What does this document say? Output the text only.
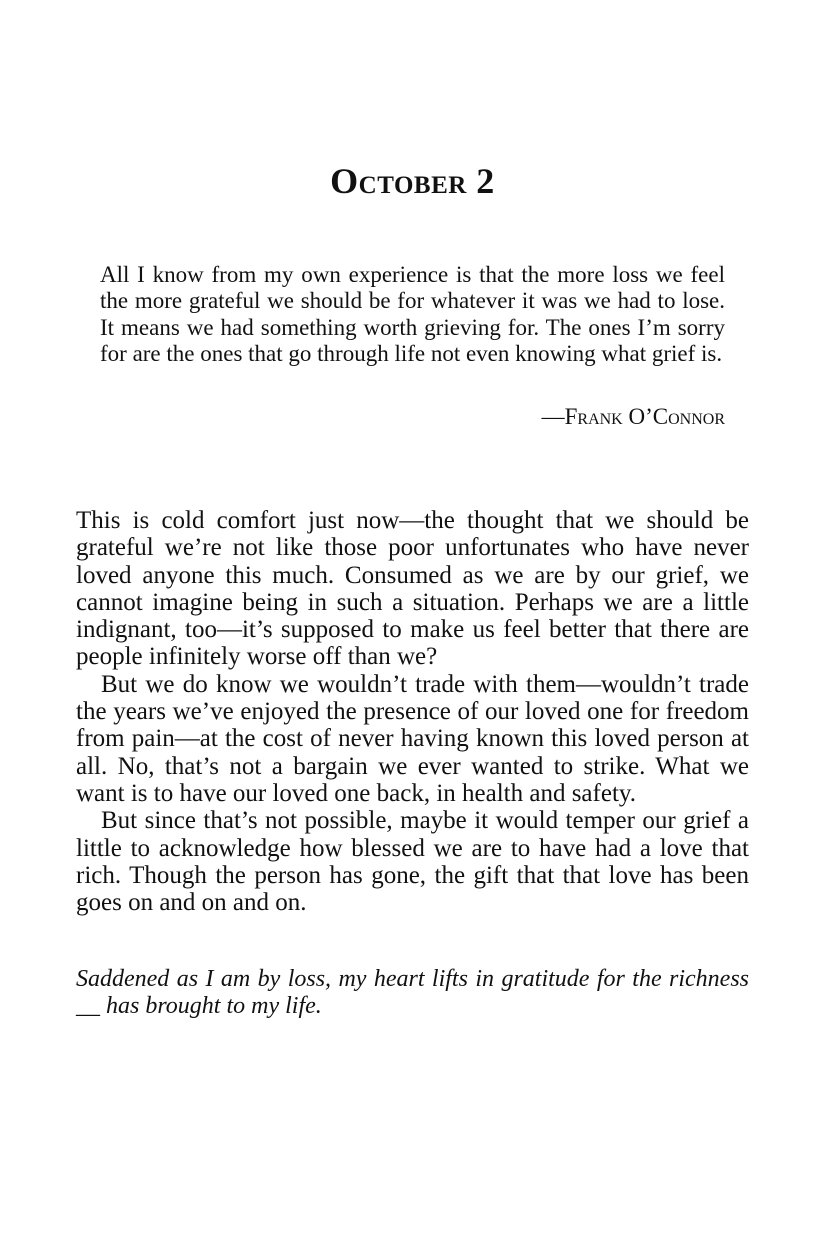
October 2
All I know from my own experience is that the more loss we feel the more grateful we should be for whatever it was we had to lose. It means we had something worth grieving for. The ones I’m sorry for are the ones that go through life not even knowing what grief is.
—Frank O’Connor

This is cold comfort just now—the thought that we should be grateful we’re not like those poor unfortunates who have never loved anyone this much. Consumed as we are by our grief, we cannot imagine being in such a situation. Perhaps we are a little indignant, too—it’s supposed to make us feel better that there are people infinitely worse off than we?

But we do know we wouldn’t trade with them—wouldn’t trade the years we’ve enjoyed the presence of our loved one for freedom from pain—at the cost of never having known this loved person at all. No, that’s not a bargain we ever wanted to strike. What we want is to have our loved one back, in health and safety.

But since that’s not possible, maybe it would temper our grief a little to acknowledge how blessed we are to have had a love that rich. Though the person has gone, the gift that that love has been goes on and on and on.

Saddened as I am by loss, my heart lifts in gratitude for the richness __ has brought to my life.
